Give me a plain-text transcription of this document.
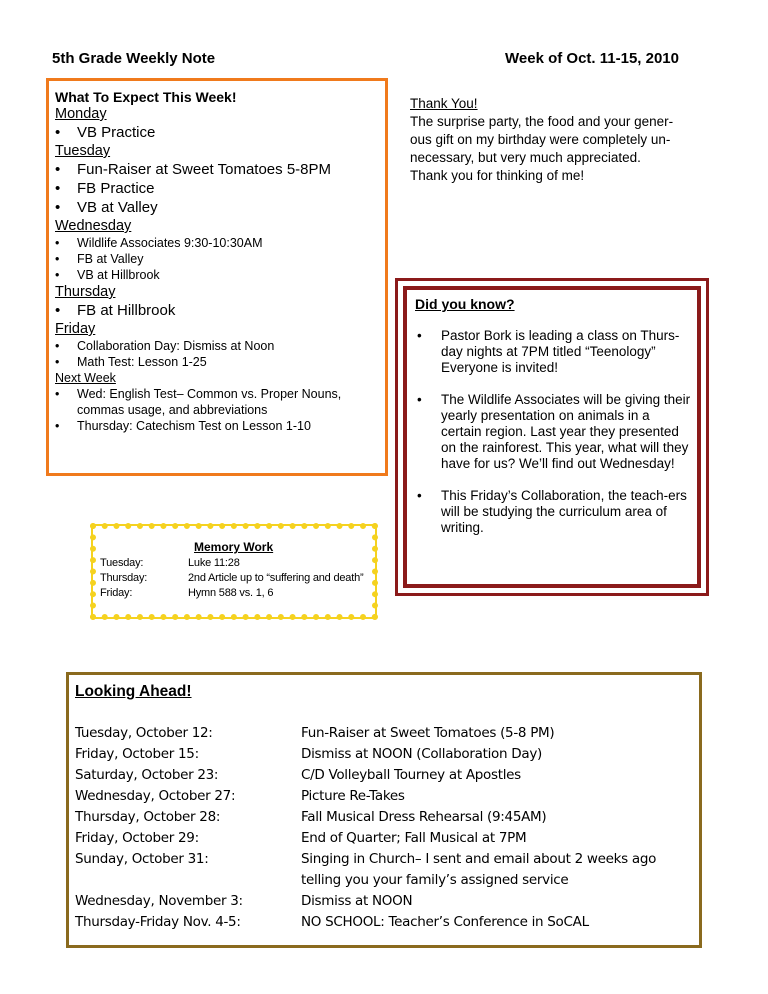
5th Grade Weekly Note	Week of Oct. 11-15, 2010
What To Expect This Week!
Monday
• VB Practice
Tuesday
• Fun-Raiser at Sweet Tomatoes 5-8PM
• FB Practice
• VB at Valley
Wednesday
• Wildlife Associates 9:30-10:30AM
• FB at Valley
• VB at Hillbrook
Thursday
• FB at Hillbrook
Friday
• Collaboration Day: Dismiss at Noon
• Math Test: Lesson 1-25
Next Week
• Wed: English Test– Common vs. Proper Nouns, commas usage, and abbreviations
• Thursday: Catechism Test on Lesson 1-10
Thank You!
The surprise party, the food and your gener-
ous gift on my birthday were completely un-
necessary, but very much appreciated.
Thank you for thinking of me!
Did you know?
• Pastor Bork is leading a class on Thurs-day nights at 7PM titled “Teenology” Everyone is invited!
• The Wildlife Associates will be giving their yearly presentation on animals in a certain region. Last year they presented on the rainforest. This year, what will they have for us? We’ll find out Wednesday!
• This Friday’s Collaboration, the teach-ers will be studying the curriculum area of writing.
Memory Work
Tuesday:	Luke 11:28
Thursday:	2nd Article up to “suffering and death”
Friday:	Hymn 588 vs. 1, 6
Looking Ahead!
Tuesday, October 12:	Fun-Raiser at Sweet Tomatoes (5-8 PM)
Friday, October 15:	Dismiss at NOON (Collaboration Day)
Saturday, October 23:	C/D Volleyball Tourney at Apostles
Wednesday, October 27:	Picture Re-Takes
Thursday, October 28:	Fall Musical Dress Rehearsal (9:45AM)
Friday, October 29:	End of Quarter; Fall Musical at 7PM
Sunday, October 31:	Singing in Church– I sent and email about 2 weeks ago
telling you your family’s assigned service
Wednesday, November 3:	Dismiss at NOON
Thursday-Friday Nov. 4-5:	NO SCHOOL: Teacher’s Conference in SoCAL
